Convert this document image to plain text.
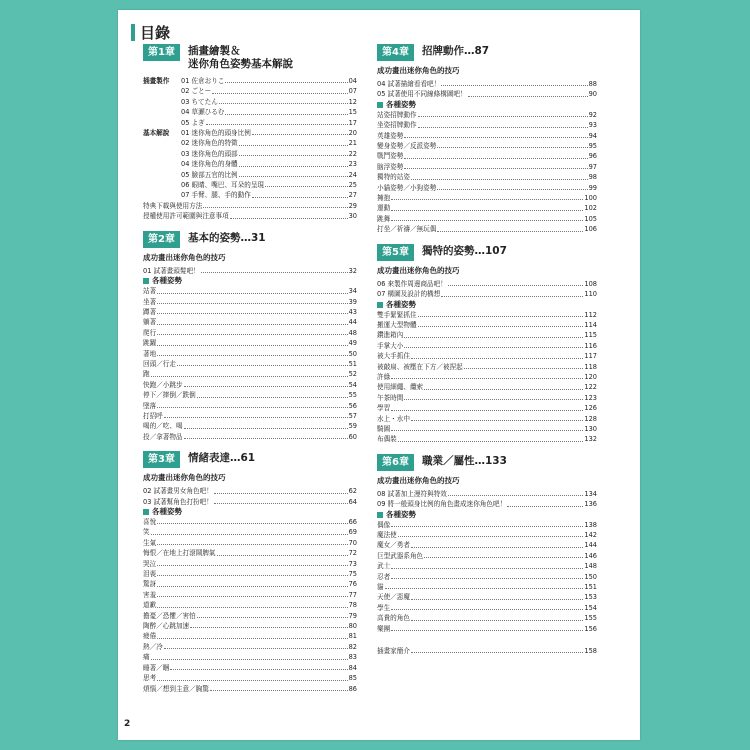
目錄
第1章	插畫繪製＆
迷你角色姿勢基本解說
插畫製作	01 佐倉おりこ	04
02 ごとー	07
03 ちてたん	12
04 草瀬ひるむ	15
05 よぎ	17
基本解說	01 迷你角色的頭身比例	20
02 迷你角色的特徵	21
03 迷你角色的頭部	22
04 迷你角色的身體	23
05 臉部五官的比例	24
06 眼睛、嘴巴、耳朵的呈現	25
07 手臂、腿、手的動作	27
特典下載與使用方法	29
授權使用許可範圍與注意事項	30
第2章	基本的姿勢…31
成功畫出迷你角色的技巧
01 試著畫頭髮吧！	32
各種姿勢
站著	34
坐著	39
蹲著	43
躺著	44
爬行	48
跳躍	49
著地	50
回頭／行走	51
跑	52
快跑／小跳步	54
停下／摔倒／跌倒	55
墜落	56
打招呼	57
喝的／吃、喝	59
投／拿著物品	60
第3章	情緒表達…61
成功畫出迷你角色的技巧
02 試著畫男女角色吧！	62
03 試著幫角色打扮吧！	64
各種姿勢
喜悅	66
笑	69
生氣	70
悔恨／在地上打滾鬧脾氣	72
哭泣	73
泪喪	75
驚訝	76
害羞	77
道歉	78
擔憂／恐懼／害怕	79
陶醉／心跳加速	80
疲倦	81
熱／冷	82
痛	83
睡著／睏	84
思考	85
煩惱／想到主意／胸驚	86
第4章	招牌動作…87
成功畫出迷你角色的技巧
04 試著描繪看看吧！	88
05 試著使用不同線條構圖吧！	90
各種姿勢
站姿招牌動作	92
坐姿招牌動作	93
英雄姿勢	94
變身姿勢／反派姿勢	95
戰鬥姿勢	96
脑浮姿勢	97
獨特的站姿	98
小貓姿勢／小狗姿勢	99
擁抱	100
運動	102
跳舞	105
打坐／祈禱／無玩偶	106
第5章	獨特的姿勢…107
成功畫出迷你角色的技巧
06 來製作周邊商品吧！	108
07 構圖及設計的構想	110
各種姿勢
雙手緊緊抓住	112
搬運大型物體	114
鑽進箱內	115
手掌大小	116
被大手抓住	117
被敲扁、被壓在下方／被捏起	118
許綠	120
使用細繩、纜索	122
午茶時間	123
學習	126
水上・水中	128
騎圖	130
布偶裝	132
第6章	職業／屬性…133
成功畫出迷你角色的技巧
08 試著加上漫符與特效	134
09 將一般頭身比例的角色畫成迷你角色吧！	136
各種姿勢
偶像	138
魔法使	142
魔女／勇者	144
巨型武器系角色	146
武士	148
忍者	150
貓	151
天使／惡魔	153
學生	154
高貴的角色	155
樂團	156
插畫家簡介	158
2
